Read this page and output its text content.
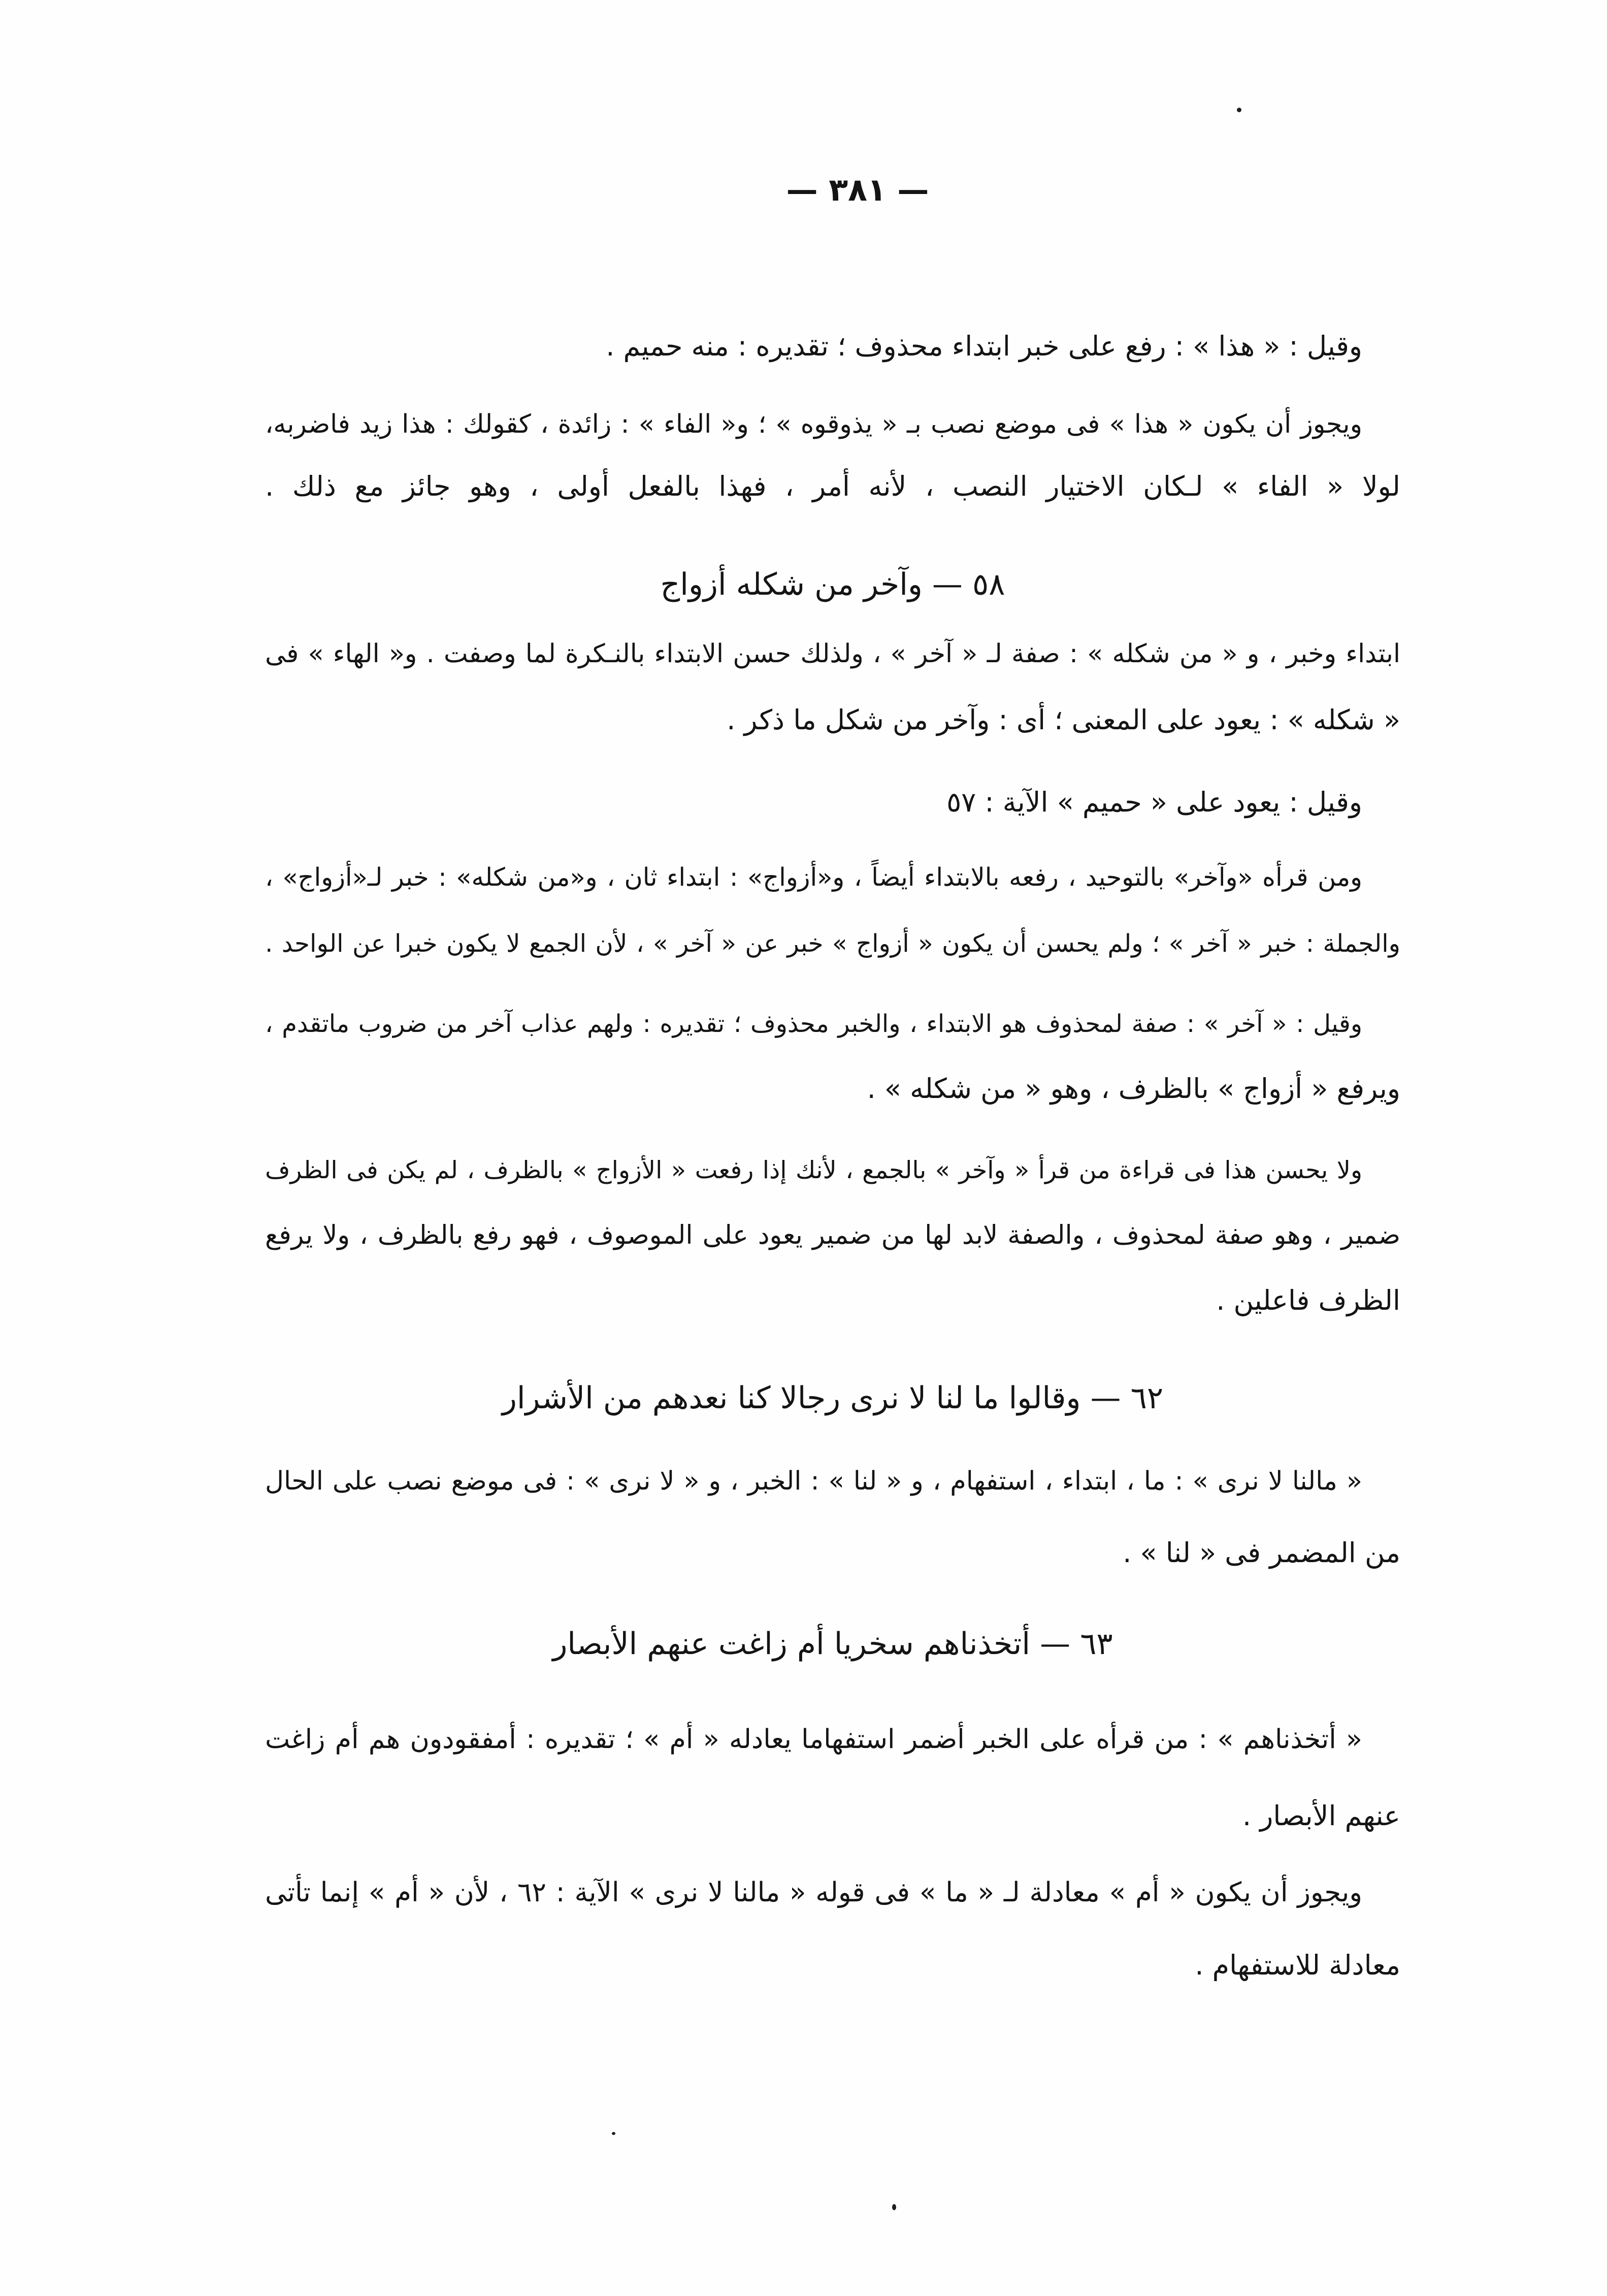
— ٣٨١ —
وقيل : « هذا » : رفع على خبر ابتداء محذوف ؛ تقديره : منه حميم .
ويجوز أن يكون « هذا » فى موضع نصب بـ « يذوقوه » ؛ و« الفاء » : زائدة ، كقولك : هذا زيد فاضربه،
لولا « الفاء » لـكان الاختيار النصب ، لأنه أمر ، فهذا بالفعل أولى ، وهو جائز مع ذلك .
٥٨ — وآخر من شكله أزواج
ابتداء وخبر ، و « من شكله » : صفة لـ « آخر » ، ولذلك حسن الابتداء بالنـكرة لما وصفت . و« الهاء » فى
« شكله » : يعود على المعنى ؛ أى : وآخر من شكل ما ذكر .
وقيل : يعود على « حميم » الآية : ٥٧
ومن قرأه «وآخر» بالتوحيد ، رفعه بالابتداء أيضاً ، و«أزواج» : ابتداء ثان ، و«من شكله» : خبر لـ«أزواج» ،
والجملة : خبر « آخر » ؛ ولم يحسن أن يكون « أزواج » خبر عن « آخر » ، لأن الجمع لا يكون خبرا عن الواحد .
وقيل : « آخر » : صفة لمحذوف هو الابتداء ، والخبر محذوف ؛ تقديره : ولهم عذاب آخر من ضروب ماتقدم ،
ويرفع « أزواج » بالظرف ، وهو « من شكله » .
ولا يحسن هذا فى قراءة من قرأ « وآخر » بالجمع ، لأنك إذا رفعت « الأزواج » بالظرف ، لم يكن فى الظرف
ضمير ، وهو صفة لمحذوف ، والصفة لابد لها من ضمير يعود على الموصوف ، فهو رفع بالظرف ، ولا يرفع
الظرف فاعلين .
٦٢ — وقالوا ما لنا لا نرى رجالا كنا نعدهم من الأشرار
« مالنا لا نرى » : ما ، ابتداء ، استفهام ، و « لنا » : الخبر ، و « لا نرى » : فى موضع نصب على الحال
من المضمر فى « لنا » .
٦٣ — أتخذناهم سخريا أم زاغت عنهم الأبصار
« أتخذناهم » : من قرأه على الخبر أضمر استفهاما يعادله « أم » ؛ تقديره : أمفقودون هم أم زاغت
عنهم الأبصار .
ويجوز أن يكون « أم » معادلة لـ « ما » فى قوله « مالنا لا نرى » الآية : ٦٢ ، لأن « أم » إنما تأتى
معادلة للاستفهام .
